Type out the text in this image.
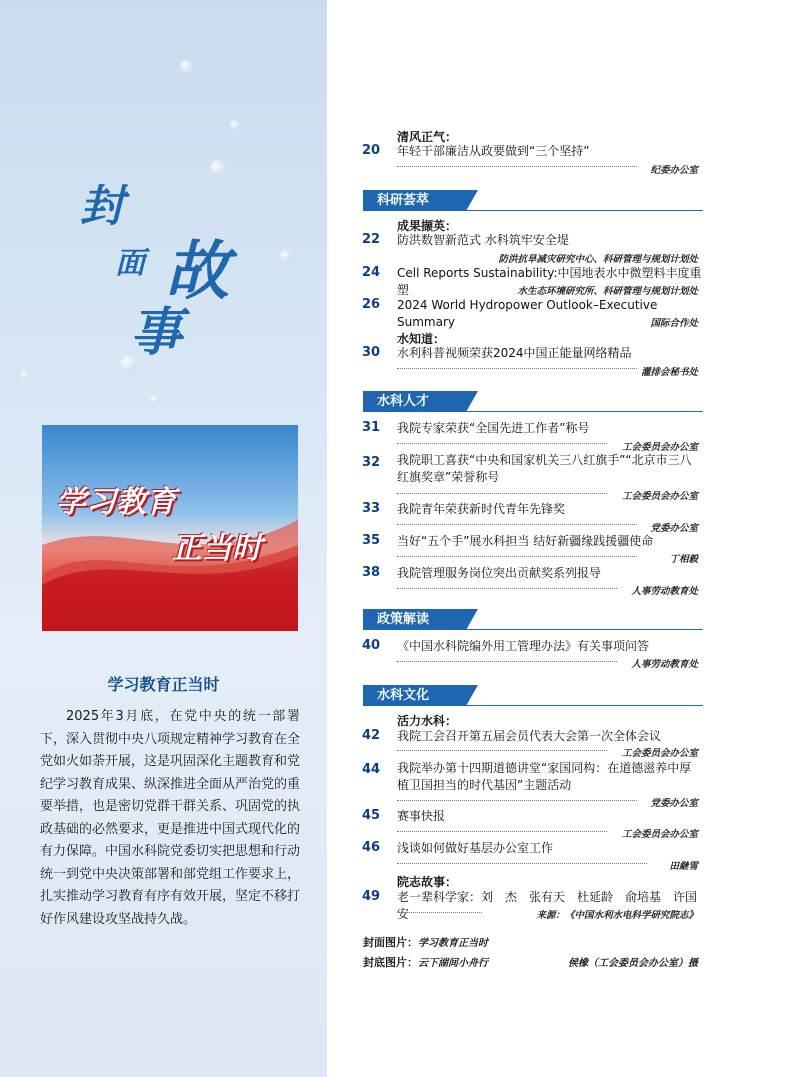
封
面 故
事
学习教育
正当时
学习教育正当时
2025年3月底，在党中央的统一部署下，深入贯彻中央八项规定精神学习教育在全党如火如荼开展，这是巩固深化主题教育和党纪学习教育成果、纵深推进全面从严治党的重要举措，也是密切党群干群关系、巩固党的执政基础的必然要求，更是推进中国式现代化的有力保障。中国水科院党委切实把思想和行动统一到党中央决策部署和部党组工作要求上，扎实推动学习教育有序有效开展，坚定不移打好作风建设攻坚战持久战。
清风正气：
20	年轻干部廉洁从政要做到“三个坚持”
纪委办公室
科研荟萃
成果撷英：
22	防洪数智新范式 水科筑牢安全堤
防洪抗旱减灾研究中心、科研管理与规划计划处
24	Cell Reports Sustainability:中国地表水中微塑料丰度重塑	水生态环境研究所、科研管理与规划计划处
26	2024 World Hydropower Outlook–Executive Summary	国际合作处
水知道：
30	水利科普视频荣获2024中国正能量网络精品
灌排会秘书处
水科人才
31	我院专家荣获“全国先进工作者”称号
工会委员会办公室
32	我院职工喜获“中央和国家机关三八红旗手”“北京市三八红旗奖章”荣誉称号
工会委员会办公室
33	我院青年荣获新时代青年先锋奖
党委办公室
35	当好“五个手”展水科担当 结好新疆缘践援疆使命
丁相毅
38	我院管理服务岗位突出贡献奖系列报导
人事劳动教育处
政策解读
40	《中国水科院编外用工管理办法》有关事项问答
人事劳动教育处
水科文化
活力水科：
42	我院工会召开第五届会员代表大会第一次全体会议
工会委员会办公室
44	我院举办第十四期道德讲堂“家国同构：在道德滋养中厚植卫国担当的时代基因”主题活动
党委办公室
45	赛事快报
工会委员会办公室
46	浅谈如何做好基层办公室工作
田継雪
院志故事：
49	老一辈科学家：刘　杰　张有天　杜延龄　俞培基　许国安	来源：《中国水利水电科学研究院志》
封面图片：学习教育正当时
封底图片：云下湖间小舟行	侯橡（工会委员会办公室）摄
